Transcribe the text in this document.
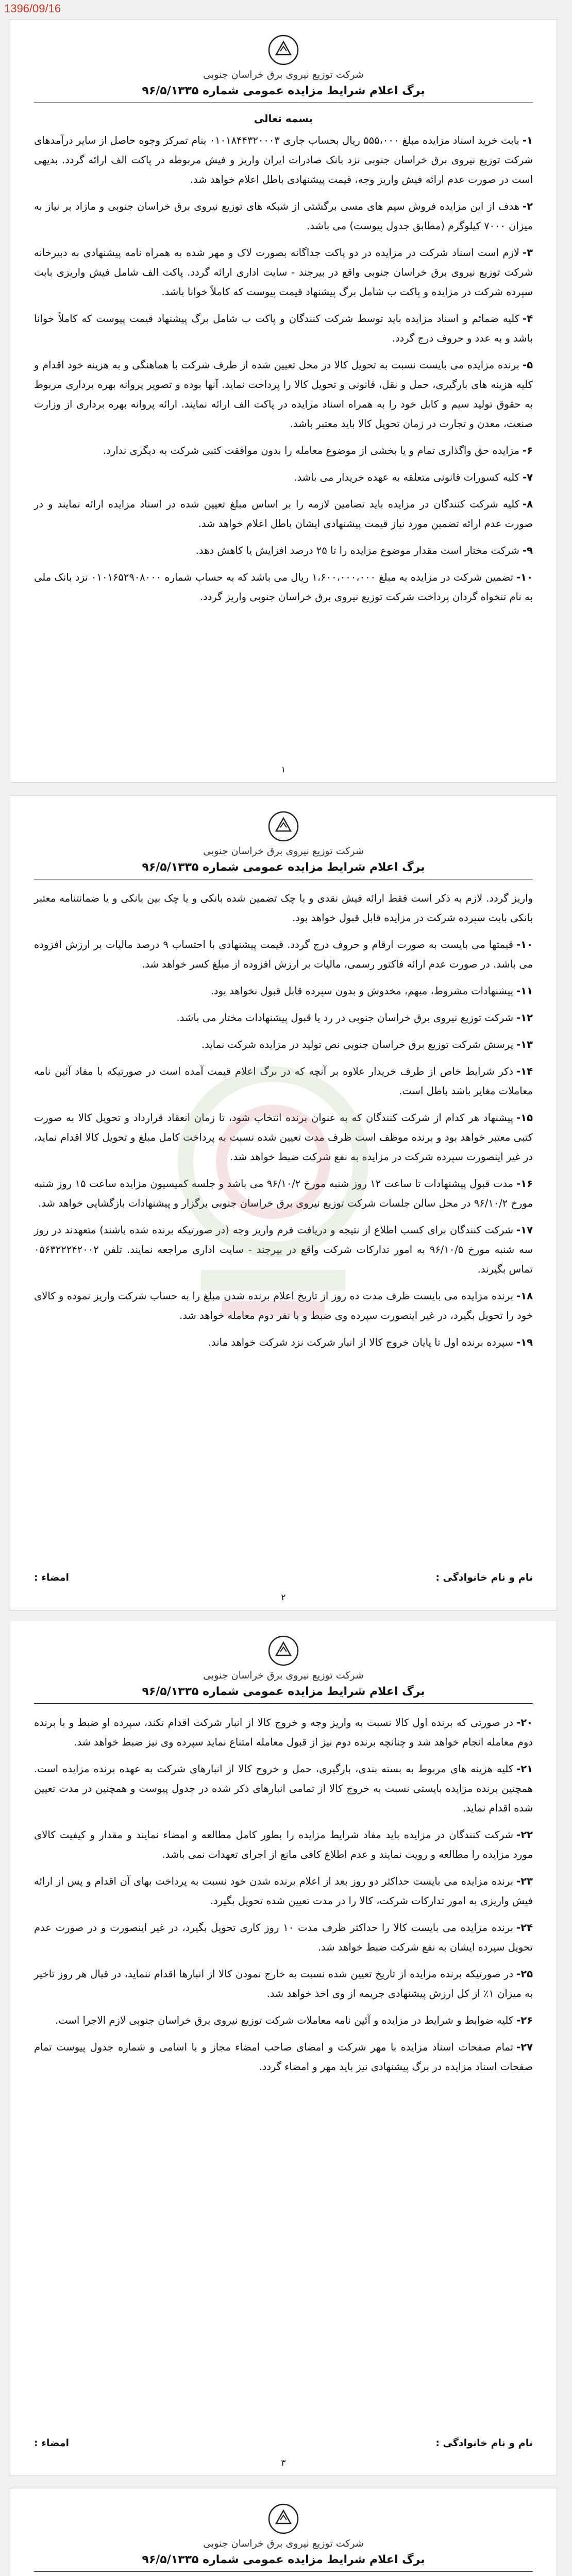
1396/09/16
شرکت توزیع نیروی برق خراسان جنوبی
برگ اعلام شرایط مزایده عمومی شماره ۹۶/۵/۱۳۳۵
بسمه تعالی

۱-بابت خرید اسناد مزایده مبلغ ۵۵۵،۰۰۰ ریال بحساب جاری ۰۱۰۱۸۴۴۳۲۰۰۰۳ بنام تمرکز وجوه حاصل از سایر درآمدهای شرکت توزیع نیروی برق خراسان جنوبی نزد بانک صادرات ایران واریز و فیش مربوطه در پاکت الف ارائه گردد. بدیهی است در صورت عدم ارائه فیش واریز وجه، قیمت پیشنهادی باطل اعلام خواهد شد.

۲-هدف از این مزایده فروش سیم های مسی برگشتی از شبکه های توزیع نیروی برق خراسان جنوبی و مازاد بر نیاز به میزان ۷۰۰۰ کیلوگرم (مطابق جدول پیوست) می باشد.

۳-لازم است اسناد شرکت در مزایده در دو پاکت جداگانه بصورت لاک و مهر شده به همراه نامه پیشنهادی به دبیرخانه شرکت توزیع نیروی برق خراسان جنوبی واقع در بیرجند - سایت اداری ارائه گردد. پاکت الف شامل فیش واریزی بابت سپرده شرکت در مزایده و پاکت ب شامل برگ پیشنهاد قیمت پیوست که کاملاً خوانا باشد.

۴-کلیه ضمائم و اسناد مزایده باید توسط شرکت کنندگان و پاکت ب شامل برگ پیشنهاد قیمت پیوست که کاملاً خوانا باشد و به عدد و حروف درج گردد.

۵-برنده مزایده می بایست نسبت به تحویل کالا در محل تعیین شده از طرف شرکت با هماهنگی و به هزینه خود اقدام و کلیه هزینه های بارگیری، حمل و نقل، قانونی و تحویل کالا را پرداخت نماید. آنها بوده و تصویر پروانه بهره برداری مربوط به حقوق تولید سیم و کابل خود را به همراه اسناد مزایده در پاکت الف ارائه نمایند. ارائه پروانه بهره برداری از وزارت صنعت، معدن و تجارت در زمان تحویل کالا باید معتبر باشد.

۶-مزایده حق واگذاری تمام و یا بخشی از موضوع معامله را بدون موافقت کتبی شرکت به دیگری ندارد.

۷-کلیه کسورات قانونی متعلقه به عهده خریدار می باشد.

۸-کلیه شرکت کنندگان در مزایده باید تضامین لازمه را بر اساس مبلغ تعیین شده در اسناد مزایده ارائه نمایند و در صورت عدم ارائه تضمین مورد نیاز قیمت پیشنهادی ایشان باطل اعلام خواهد شد.

۹-شرکت مختار است مقدار موضوع مزایده را تا ۲۵ درصد افزایش یا کاهش دهد.

۱۰-تضمین شرکت در مزایده به مبلغ ۱،۶۰۰،۰۰۰،۰۰۰ ریال می باشد که به حساب شماره ۰۱۰۱۶۵۲۹۰۸۰۰۰ نزد بانک ملی به نام تنخواه گردان پرداخت شرکت توزیع نیروی برق خراسان جنوبی واریز گردد.

۱
شرکت توزیع نیروی برق خراسان جنوبی
برگ اعلام شرایط مزایده عمومی شماره ۹۶/۵/۱۳۳۵

واریز گردد. لازم به ذکر است فقط ارائه فیش نقدی و یا چک تضمین شده بانکی و یا چک بین بانکی و یا ضمانتنامه معتبر بانکی بابت سپرده شرکت در مزایده قابل قبول خواهد بود.

۱۰-قیمتها می بایست به صورت ارقام و حروف درج گردد. قیمت پیشنهادی با احتساب ۹ درصد مالیات بر ارزش افزوده می باشد. در صورت عدم ارائه فاکتور رسمی، مالیات بر ارزش افزوده از مبلغ کسر خواهد شد.

۱۱-پیشنهادات مشروط، مبهم، مخدوش و بدون سپرده قابل قبول نخواهد بود.

۱۲-شرکت توزیع نیروی برق خراسان جنوبی در رد یا قبول پیشنهادات مختار می باشد.

۱۳-پرسش شرکت توزیع برق خراسان جنوبی نص تولید در مزایده شرکت نماید.

۱۴-ذکر شرایط خاص از طرف خریدار علاوه بر آنچه که در برگ اعلام قیمت آمده است در صورتیکه با مفاد آئین نامه معاملات مغایر باشد باطل است.

۱۵-پیشنهاد هر کدام از شرکت کنندگان که به عنوان برنده انتخاب شود، تا زمان انعقاد قرارداد و تحویل کالا به صورت کتبی معتبر خواهد بود و برنده موظف است ظرف مدت تعیین شده نسبت به پرداخت کامل مبلغ و تحویل کالا اقدام نماید، در غیر اینصورت سپرده شرکت در مزایده به نفع شرکت ضبط خواهد شد.

۱۶-مدت قبول پیشنهادات تا ساعت ۱۲ روز شنبه مورخ ۹۶/۱۰/۲ می باشد و جلسه کمیسیون مزایده ساعت ۱۵ روز شنبه مورخ ۹۶/۱۰/۲ در محل سالن جلسات شرکت توزیع نیروی برق خراسان جنوبی برگزار و پیشنهادات بازگشایی خواهد شد.

۱۷-شرکت کنندگان برای کسب اطلاع از نتیجه و دریافت فرم واریز وجه (در صورتیکه برنده شده باشند) متعهدند در روز سه شنبه مورخ ۹۶/۱۰/۵ به امور تدارکات شرکت واقع در بیرجند - سایت اداری مراجعه نمایند. تلفن ۰۵۶۳۲۲۲۴۲۰۰۲ تماس بگیرند.

۱۸-برنده مزایده می بایست ظرف مدت ده روز از تاریخ اعلام برنده شدن مبلغ را به حساب شرکت واریز نموده و کالای خود را تحویل بگیرد، در غیر اینصورت سپرده وی ضبط و با نفر دوم معامله خواهد شد.

۱۹-سپرده برنده اول تا پایان خروج کالا از انبار شرکت نزد شرکت خواهد ماند.

نام و نام خانوادگی :
امضاء :
۲
شرکت توزیع نیروی برق خراسان جنوبی
برگ اعلام شرایط مزایده عمومی شماره ۹۶/۵/۱۳۳۵

۲۰-در صورتی که برنده اول کالا نسبت به واریز وجه و خروج کالا از انبار شرکت اقدام نکند، سپرده او ضبط و با برنده دوم معامله انجام خواهد شد و چنانچه برنده دوم نیز از قبول معامله امتناع نماید سپرده وی نیز ضبط خواهد شد.

۲۱-کلیه هزینه های مربوط به بسته بندی، بارگیری، حمل و خروج کالا از انبارهای شرکت به عهده برنده مزایده است. همچنین برنده مزایده بایستی نسبت به خروج کالا از تمامی انبارهای ذکر شده در جدول پیوست و همچنین در مدت تعیین شده اقدام نماید.

۲۲-شرکت کنندگان در مزایده باید مفاد شرایط مزایده را بطور کامل مطالعه و امضاء نمایند و مقدار و کیفیت کالای مورد مزایده را مطالعه و رویت نمایند و عدم اطلاع کافی مانع از اجرای تعهدات نمی باشد.

۲۳-برنده مزایده می بایست حداکثر دو روز بعد از اعلام برنده شدن خود نسبت به پرداخت بهای آن اقدام و پس از ارائه فیش واریزی به امور تدارکات شرکت، کالا را در مدت تعیین شده تحویل بگیرد.

۲۴-برنده مزایده می بایست کالا را حداکثر ظرف مدت ۱۰ روز کاری تحویل بگیرد، در غیر اینصورت و در صورت عدم تحویل سپرده ایشان به نفع شرکت ضبط خواهد شد.

۲۵-در صورتیکه برنده مزایده از تاریخ تعیین شده نسبت به خارج نمودن کالا از انبارها اقدام ننماید، در قبال هر روز تاخیر به میزان ۱٪ از کل ارزش پیشنهادی جریمه از وی اخذ خواهد شد.

۲۶-کلیه ضوابط و شرایط در مزایده و آئین نامه معاملات شرکت توزیع نیروی برق خراسان جنوبی لازم الاجرا است.

۲۷-تمام صفحات اسناد مزایده با مهر شرکت و امضای صاحب امضاء مجاز و با اسامی و شماره جدول پیوست تمام صفحات اسناد مزایده در برگ پیشنهادی نیز باید مهر و امضاء گردد.

نام و نام خانوادگی :
امضاء :
۳
شرکت توزیع نیروی برق خراسان جنوبی
برگ اعلام شرایط مزایده عمومی شماره ۹۶/۵/۱۳۳۵
